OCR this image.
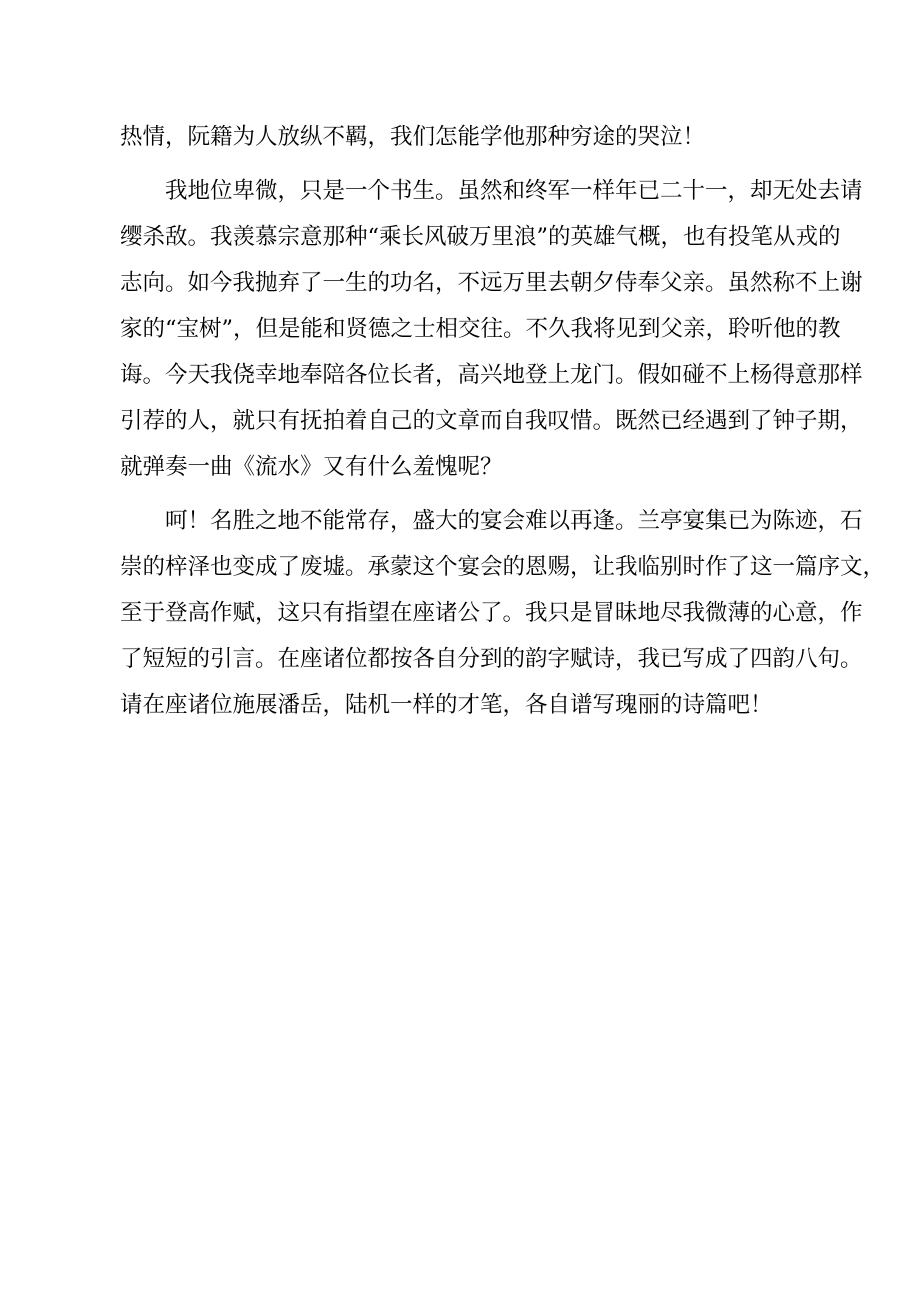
热情，阮籍为人放纵不羁，我们怎能学他那种穷途的哭泣！
　　我地位卑微，只是一个书生。虽然和终军一样年已二十一，却无处去请
缨杀敌。我羡慕宗意那种“乘长风破万里浪”的英雄气概，也有投笔从戎的
志向。如今我抛弃了一生的功名，不远万里去朝夕侍奉父亲。虽然称不上谢
家的“宝树”，但是能和贤德之士相交往。不久我将见到父亲，聆听他的教
诲。今天我侥幸地奉陪各位长者，高兴地登上龙门。假如碰不上杨得意那样
引荐的人，就只有抚拍着自己的文章而自我叹惜。既然已经遇到了钟子期，
就弹奏一曲《流水》又有什么羞愧呢？
　　呵！名胜之地不能常存，盛大的宴会难以再逢。兰亭宴集已为陈迹，石
崇的梓泽也变成了废墟。承蒙这个宴会的恩赐，让我临别时作了这一篇序文，
至于登高作赋，这只有指望在座诸公了。我只是冒昧地尽我微薄的心意，作
了短短的引言。在座诸位都按各自分到的韵字赋诗，我已写成了四韵八句。
请在座诸位施展潘岳，陆机一样的才笔，各自谱写瑰丽的诗篇吧！
